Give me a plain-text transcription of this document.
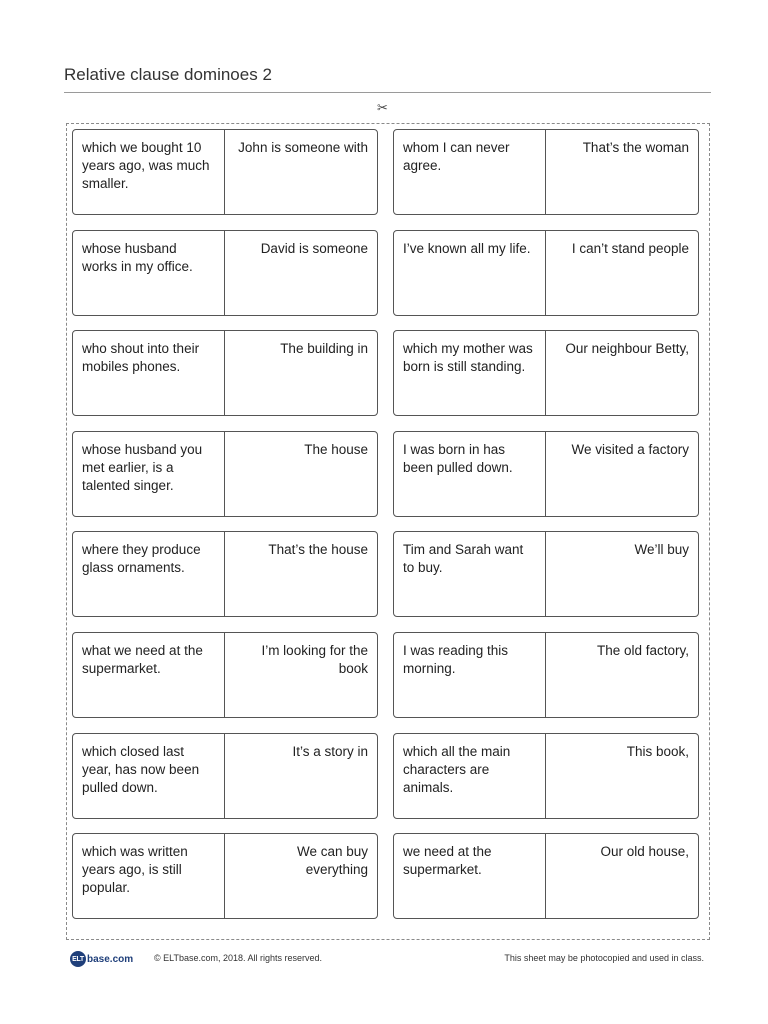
Relative clause dominoes 2
✂
which we bought 10 years ago, was much smaller.
John is someone with	whom I can never agree.
That’s the woman
whose husband works in my office.
David is someone	I’ve known all my life.	I can’t stand people
who shout into their mobiles phones.
The building in	which my mother was born is still standing.
Our neighbour Betty,
whose husband you met earlier, is a talented singer.
The house	I was born in has been pulled down.
We visited a factory
where they produce glass ornaments.
That’s the house	Tim and Sarah want to buy.
We’ll buy
what we need at the supermarket.
I’m looking for the book
I was reading this morning.
The old factory,
which closed last year, has now been pulled down.
It’s a story in	which all the main characters are animals.
This book,
which was written years ago, is still popular.
We can buy everything
we need at the supermarket.
Our old house,
ELT base.com © ELTbase.com, 2018. All rights reserved.	This sheet may be photocopied and used in class.
